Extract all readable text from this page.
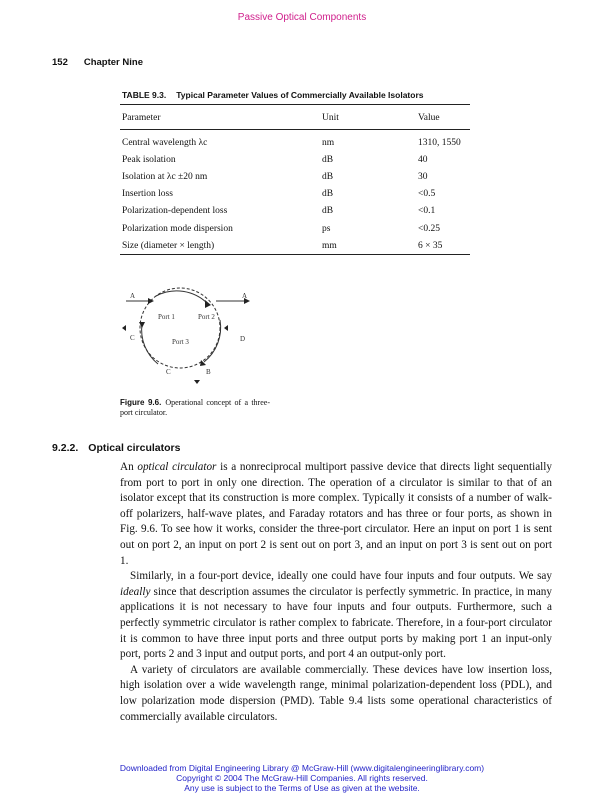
Passive Optical Components
152 Chapter Nine
TABLE 9.3. Typical Parameter Values of Commercially Available Isolators
Parameter	Unit	Value
Central wavelength λc	nm	1310, 1550
Peak isolation	dB	40
Isolation at λc ±20 nm	dB	30
Insertion loss	dB	<0.5
Polarization-dependent loss	dB	<0.1
Polarization mode dispersion	ps	<0.25
Size (diameter × length)	mm	6 × 35
A	A
C	D
C	B
Port 1	Port 2
Port 3
Figure 9.6. Operational concept of a three-port circulator.
9.2.2. Optical circulators

An optical circulator is a nonreciprocal multiport passive device that directs light sequentially from port to port in only one direction. The operation of a circulator is similar to that of an isolator except that its construction is more complex. Typically it consists of a number of walk-off polarizers, half-wave plates, and Faraday rotators and has three or four ports, as shown in Fig. 9.6. To see how it works, consider the three-port circulator. Here an input on port 1 is sent out on port 2, an input on port 2 is sent out on port 3, and an input on port 3 is sent out on port 1.

Similarly, in a four-port device, ideally one could have four inputs and four outputs. We say ideally since that description assumes the circulator is perfectly symmetric. In practice, in many applications it is not necessary to have four inputs and four outputs. Furthermore, such a perfectly symmetric circulator is rather complex to fabricate. Therefore, in a four-port circulator it is common to have three input ports and three output ports by making port 1 an input-only port, ports 2 and 3 input and output ports, and port 4 an output-only port.

A variety of circulators are available commercially. These devices have low insertion loss, high isolation over a wide wavelength range, minimal polarization-dependent loss (PDL), and low polarization mode dispersion (PMD). Table 9.4 lists some operational characteristics of commercially available circulators.

Downloaded from Digital Engineering Library @ McGraw-Hill (www.digitalengineeringlibrary.com)
Copyright © 2004 The McGraw-Hill Companies. All rights reserved.
Any use is subject to the Terms of Use as given at the website.
